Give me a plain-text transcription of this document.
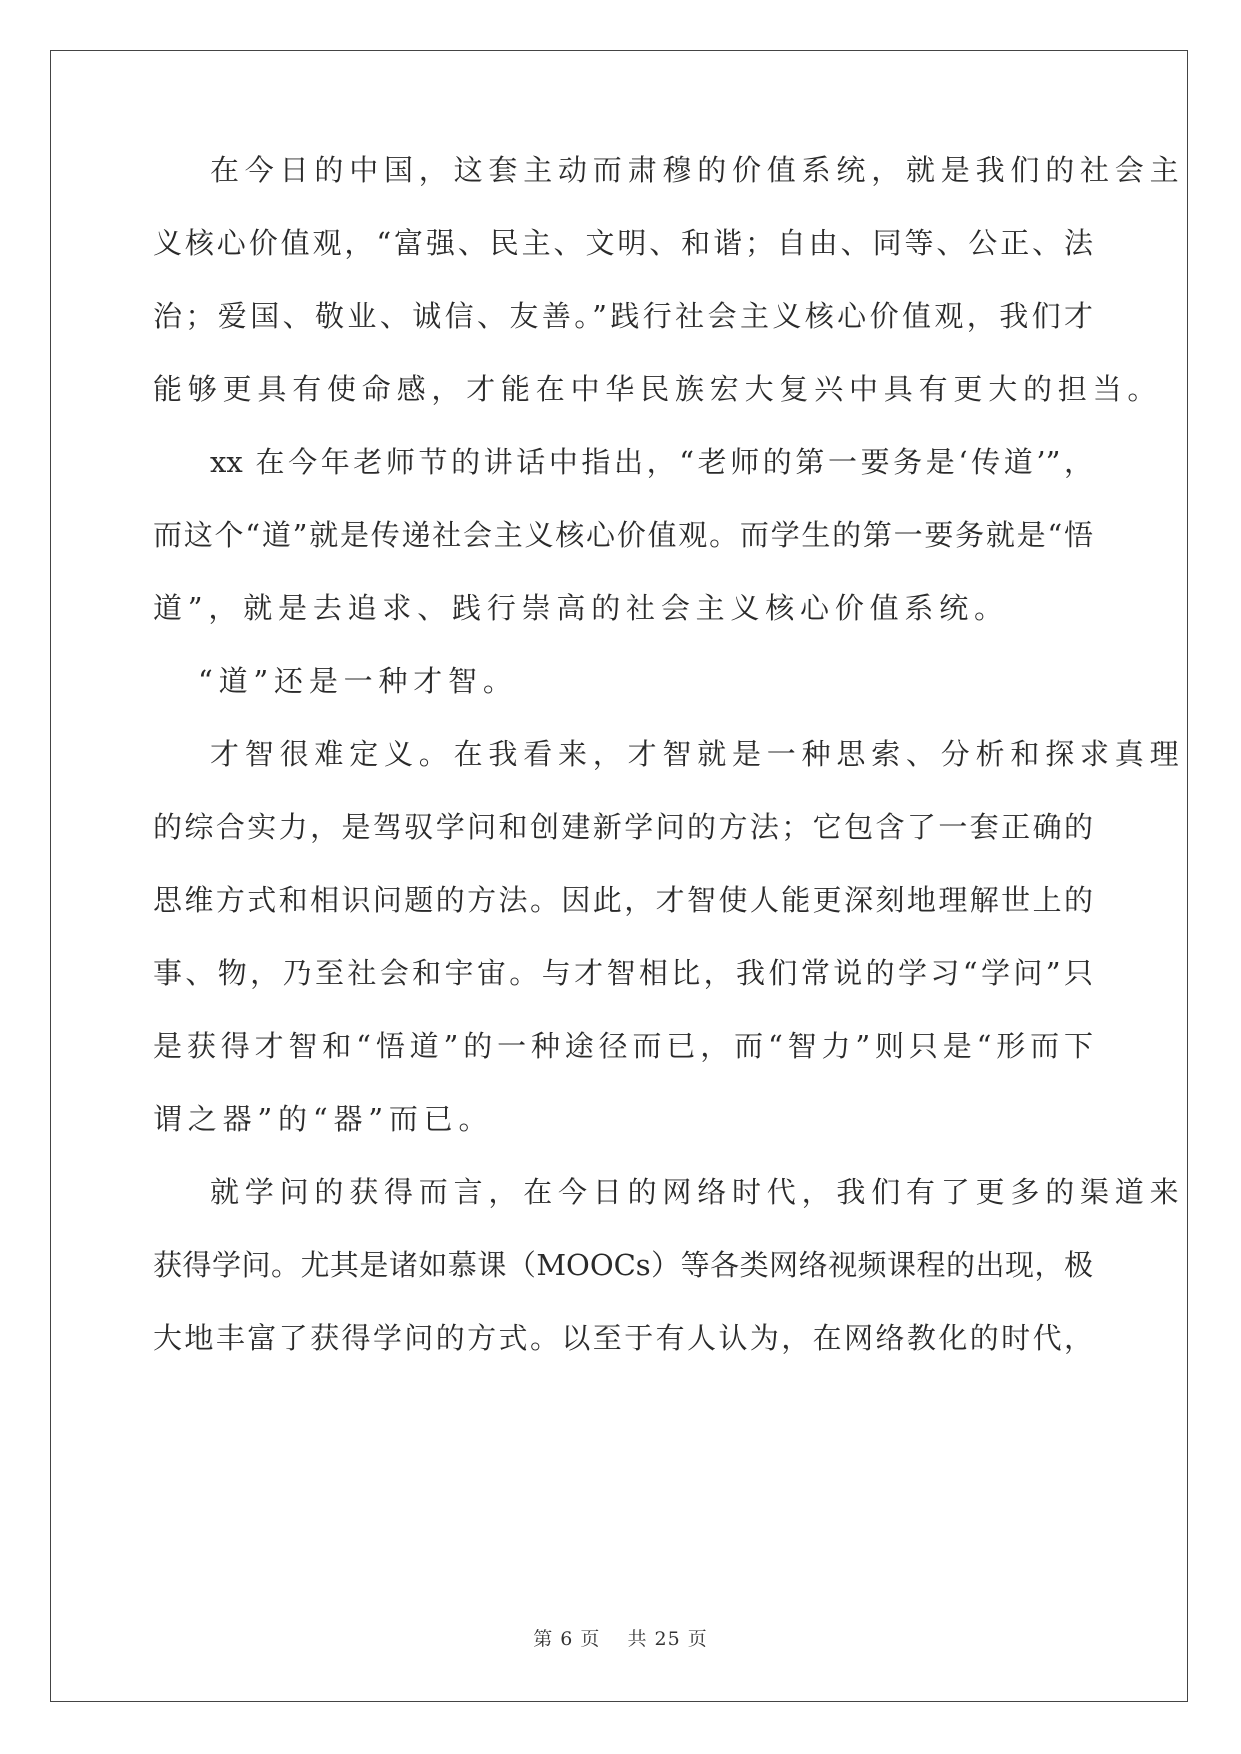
在今日的中国，这套主动而肃穆的价值系统，就是我们的社会主
义核心价值观，“富强、民主、文明、和谐；自由、同等、公正、法
治；爱国、敬业、诚信、友善。”践行社会主义核心价值观，我们才
能够更具有使命感，才能在中华民族宏大复兴中具有更大的担当。
xx 在今年老师节的讲话中指出，“老师的第一要务是‘传道’”，
而这个“道”就是传递社会主义核心价值观。而学生的第一要务就是“悟
道”，就是去追求、践行崇高的社会主义核心价值系统。
“道”还是一种才智。
才智很难定义。在我看来，才智就是一种思索、分析和探求真理
的综合实力，是驾驭学问和创建新学问的方法；它包含了一套正确的
思维方式和相识问题的方法。因此，才智使人能更深刻地理解世上的
事、物，乃至社会和宇宙。与才智相比，我们常说的学习“学问”只
是获得才智和“悟道”的一种途径而已，而“智力”则只是“形而下
谓之器”的“器”而已。
就学问的获得而言，在今日的网络时代，我们有了更多的渠道来
获得学问。尤其是诸如慕课（MOOCs）等各类网络视频课程的出现，极
大地丰富了获得学问的方式。以至于有人认为，在网络教化的时代，
第 6 页　 共 25 页
